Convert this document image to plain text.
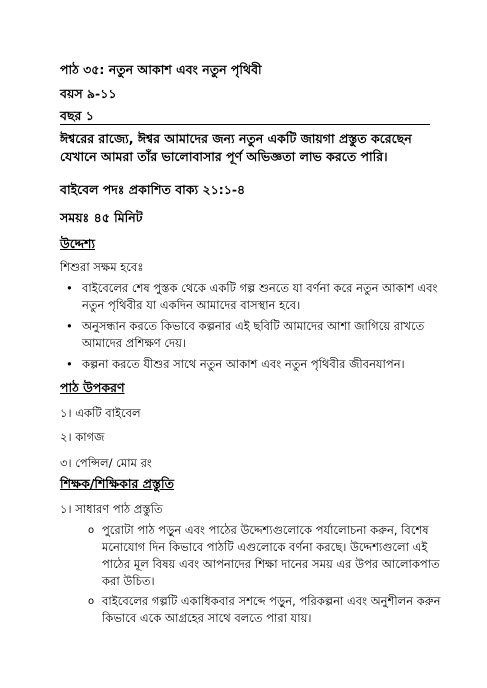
পাঠ ৩৫: নতুন আকাশ এবং নতুন পৃথিবী

বয়স ৯-১১

বছর ১

ঈশ্বরের রাজ্যে, ঈশ্বর আমাদের জন্য নতুন একটি জায়গা প্রস্তুত করেছেন যেখানে আমরা তাঁর ভালোবাসার পূর্ণ অভিজ্ঞতা লাভ করতে পারি।

বাইবেল পদঃ প্রকাশিত বাক্য ২১:১-৪

সময়ঃ ৪৫ মিনিট

উদ্দেশ্য

শিশুরা সক্ষম হবেঃ

• বাইবেলের শেষ পুস্তক থেকে একটি গল্প শুনতে যা বর্ণনা করে নতুন আকাশ এবং নতুন পৃথিবীর যা একদিন আমাদের বাসস্থান হবে।
• অনুসন্ধান করতে কিভাবে কল্পনার এই ছবিটি আমাদের আশা জাগিয়ে রাখতে আমাদের প্রশিক্ষণ দেয়।
• কল্পনা করতে যীশুর সাথে নতুন আকাশ এবং নতুন পৃথিবীর জীবনযাপন।

পাঠ উপকরণ

১। একটি বাইবেল

২। কাগজ

৩। পেন্সিল/ মোম রং

শিক্ষক/শিক্ষিকার প্রস্তুতি

১। সাধারণ পাঠ প্রস্তুতি

o পুরোটা পাঠ পড়ুন এবং পাঠের উদ্দেশ্যগুলোকে পর্যালোচনা করুন, বিশেষ মনোযোগ দিন কিভাবে পাঠটি এগুলোকে বর্ণনা করছে। উদ্দেশ্যগুলো এই পাঠের মূল বিষয় এবং আপনাদের শিক্ষা দানের সময় এর উপর আলোকপাত করা উচিত।
o বাইবেলের গল্পটি একাধিকবার সশব্দে পড়ুন, পরিকল্পনা এবং অনুশীলন করুন কিভাবে একে আগ্রহের সাথে বলতে পারা যায়।
